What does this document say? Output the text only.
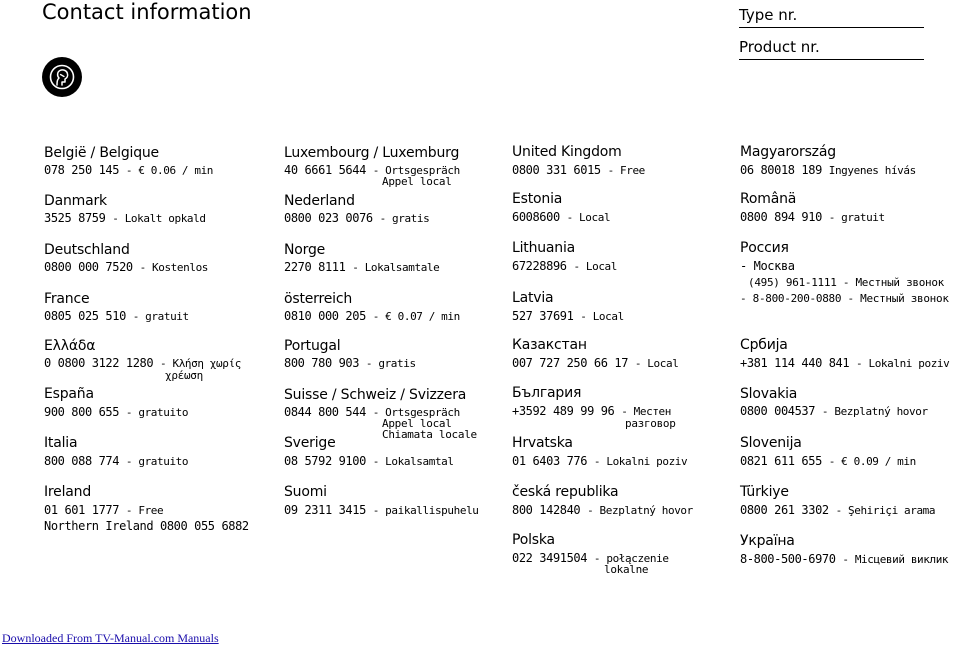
Contact information	Type nr.
Product nr.
België / Belgique
078 250 145 - € 0.06 / min
Danmark
3525 8759 - Lokalt opkald
Deutschland
0800 000 7520 - Kostenlos
France
0805 025 510 - gratuit
Ελλάδα
0 0800 3122 1280 - Κλήση χωρίς
χρέωση
España
900 800 655 - gratuito
Italia
800 088 774 - gratuito
Ireland
01 601 1777 - Free
Northern Ireland 0800 055 6882
Luxembourg / Luxemburg
40 6661 5644 - Ortsgespräch
Appel local
Nederland
0800 023 0076 - gratis
Norge
2270 8111 - Lokalsamtale
österreich
0810 000 205 - € 0.07 / min
Portugal
800 780 903 - gratis
Suisse / Schweiz / Svizzera
0844 800 544 - Ortsgespräch
Appel local
Chiamata locale
Sverige
08 5792 9100 - Lokalsamtal
Suomi
09 2311 3415 - paikallispuhelu
United Kingdom
0800 331 6015 - Free
Estonia
6008600 - Local
Lithuania
67228896 - Local
Latvia
527 37691 - Local
Казакстан
007 727 250 66 17 - Local
България
+3592 489 99 96 - Местен
разговор
Hrvatska
01 6403 776 - Lokalni poziv
česká republika
800 142840 - Bezplatný hovor
Polska
022 3491504 - połączenie
lokalne
Magyarország
06 80018 189 Ingyenes hívás
Românä
0800 894 910 - gratuit
Россия
- Москва
(495) 961-1111 - Местный звонок
- 8-800-200-0880 - Местный звонок
Србија
+381 114 440 841 - Lokalni poziv
Slovakia
0800 004537 - Bezplatný hovor
Slovenija
0821 611 655 - € 0.09 / min
Türkiye
0800 261 3302 - Şehiriçi arama
Україна
8-800-500-6970 - Місцевий виклик
Downloaded From TV-Manual.com Manuals
